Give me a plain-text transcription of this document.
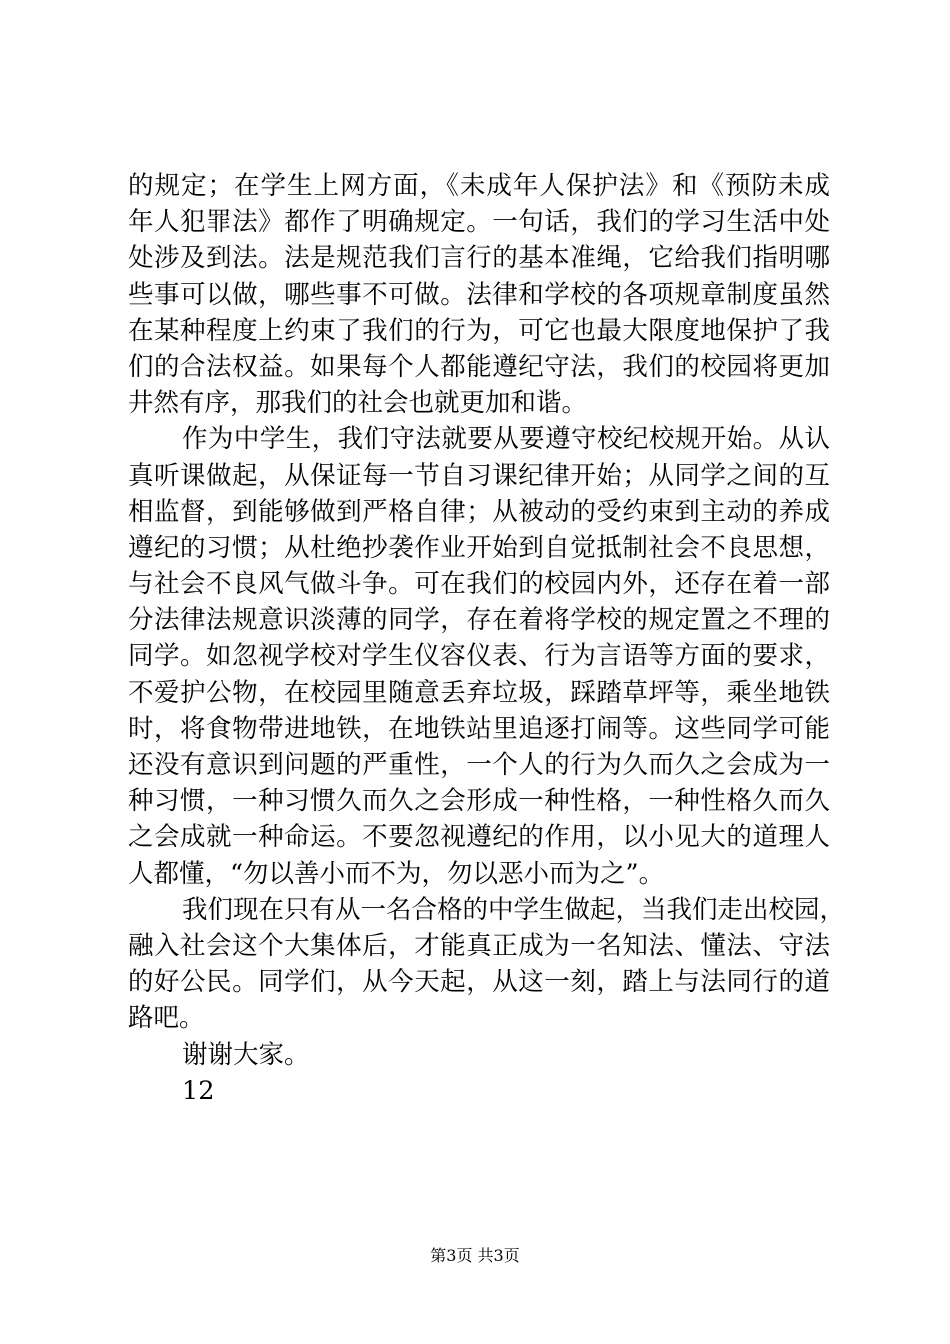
的规定；在学生上网方面，《未成年人保护法》和《预防未成
年人犯罪法》都作了明确规定。一句话，我们的学习生活中处
处涉及到法。法是规范我们言行的基本准绳，它给我们指明哪
些事可以做，哪些事不可做。法律和学校的各项规章制度虽然
在某种程度上约束了我们的行为，可它也最大限度地保护了我
们的合法权益。如果每个人都能遵纪守法，我们的校园将更加
井然有序，那我们的社会也就更加和谐。
作为中学生，我们守法就要从要遵守校纪校规开始。从认
真听课做起，从保证每一节自习课纪律开始；从同学之间的互
相监督，到能够做到严格自律；从被动的受约束到主动的养成
遵纪的习惯；从杜绝抄袭作业开始到自觉抵制社会不良思想，
与社会不良风气做斗争。可在我们的校园内外，还存在着一部
分法律法规意识淡薄的同学，存在着将学校的规定置之不理的
同学。如忽视学校对学生仪容仪表、行为言语等方面的要求，
不爱护公物，在校园里随意丢弃垃圾，踩踏草坪等，乘坐地铁
时，将食物带进地铁，在地铁站里追逐打闹等。这些同学可能
还没有意识到问题的严重性，一个人的行为久而久之会成为一
种习惯，一种习惯久而久之会形成一种性格，一种性格久而久
之会成就一种命运。不要忽视遵纪的作用，以小见大的道理人
人都懂，“勿以善小而不为，勿以恶小而为之”。
我们现在只有从一名合格的中学生做起，当我们走出校园，
融入社会这个大集体后，才能真正成为一名知法、懂法、守法
的好公民。同学们，从今天起，从这一刻，踏上与法同行的道
路吧。
谢谢大家。
12
第3页 共3页
